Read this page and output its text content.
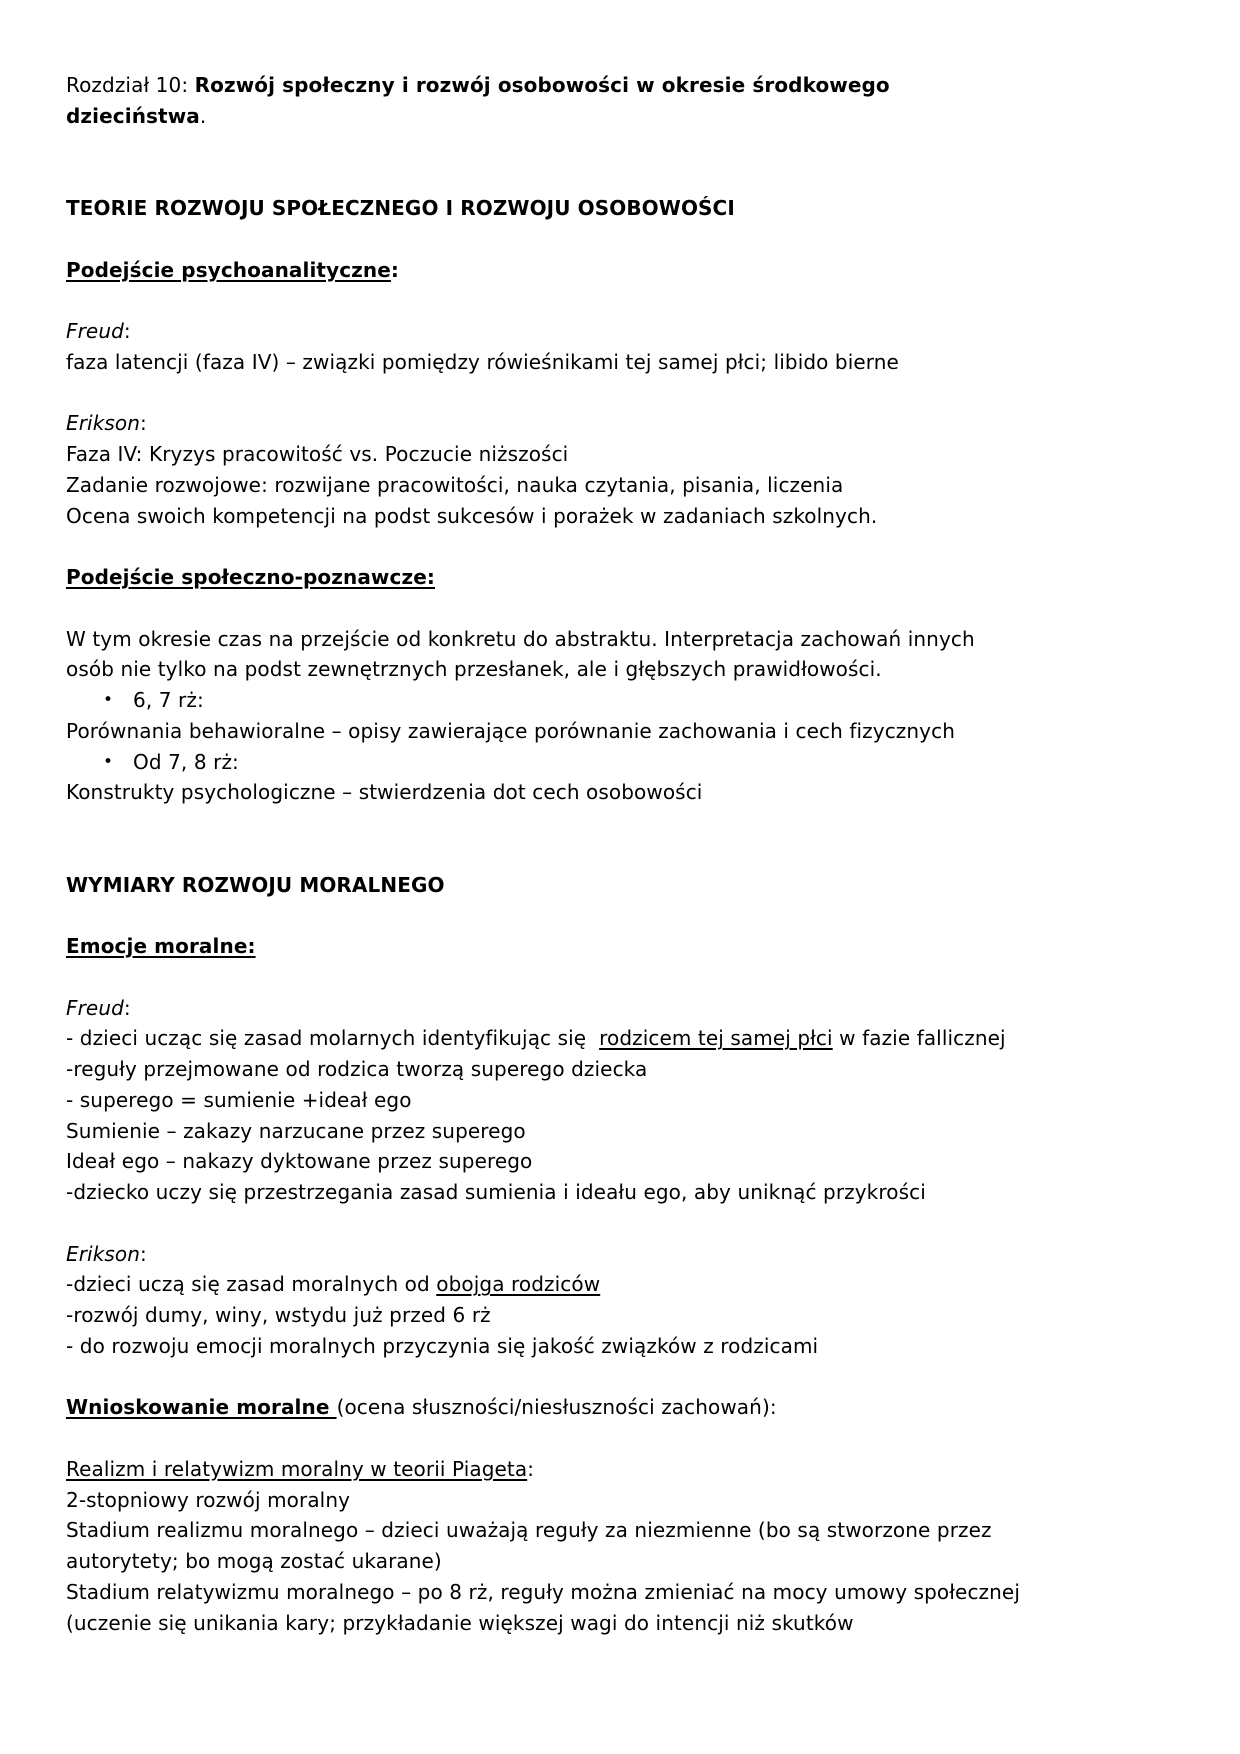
Rozdział 10: Rozwój społeczny i rozwój osobowości w okresie środkowego
dzieciństwa.

TEORIE ROZWOJU SPOŁECZNEGO I ROZWOJU OSOBOWOŚCI

Podejście psychoanalityczne:

Freud:
faza latencji (faza IV) – związki pomiędzy rówieśnikami tej samej płci; libido bierne

Erikson:
Faza IV: Kryzys pracowitość vs. Poczucie niższości
Zadanie rozwojowe: rozwijane pracowitości, nauka czytania, pisania, liczenia
Ocena swoich kompetencji na podst sukcesów i porażek w zadaniach szkolnych.

Podejście społeczno-poznawcze:

W tym okresie czas na przejście od konkretu do abstraktu. Interpretacja zachowań innych
osób nie tylko na podst zewnętrznych przesłanek, ale i głębszych prawidłowości.
• 6, 7 rż:
Porównania behawioralne – opisy zawierające porównanie zachowania i cech fizycznych
• Od 7, 8 rż:
Konstrukty psychologiczne – stwierdzenia dot cech osobowości

WYMIARY ROZWOJU MORALNEGO

Emocje moralne:

Freud:
- dzieci ucząc się zasad molarnych identyfikując się  rodzicem tej samej płci w fazie fallicznej
-reguły przejmowane od rodzica tworzą superego dziecka
- superego = sumienie +ideał ego
Sumienie – zakazy narzucane przez superego
Ideał ego – nakazy dyktowane przez superego
-dziecko uczy się przestrzegania zasad sumienia i ideału ego, aby uniknąć przykrości

Erikson:
-dzieci uczą się zasad moralnych od obojga rodziców
-rozwój dumy, winy, wstydu już przed 6 rż
- do rozwoju emocji moralnych przyczynia się jakość związków z rodzicami

Wnioskowanie moralne (ocena słuszności/niesłuszności zachowań):

Realizm i relatywizm moralny w teorii Piageta:
2-stopniowy rozwój moralny
Stadium realizmu moralnego – dzieci uważają reguły za niezmienne (bo są stworzone przez
autorytety; bo mogą zostać ukarane)
Stadium relatywizmu moralnego – po 8 rż, reguły można zmieniać na mocy umowy społecznej
(uczenie się unikania kary; przykładanie większej wagi do intencji niż skutków
